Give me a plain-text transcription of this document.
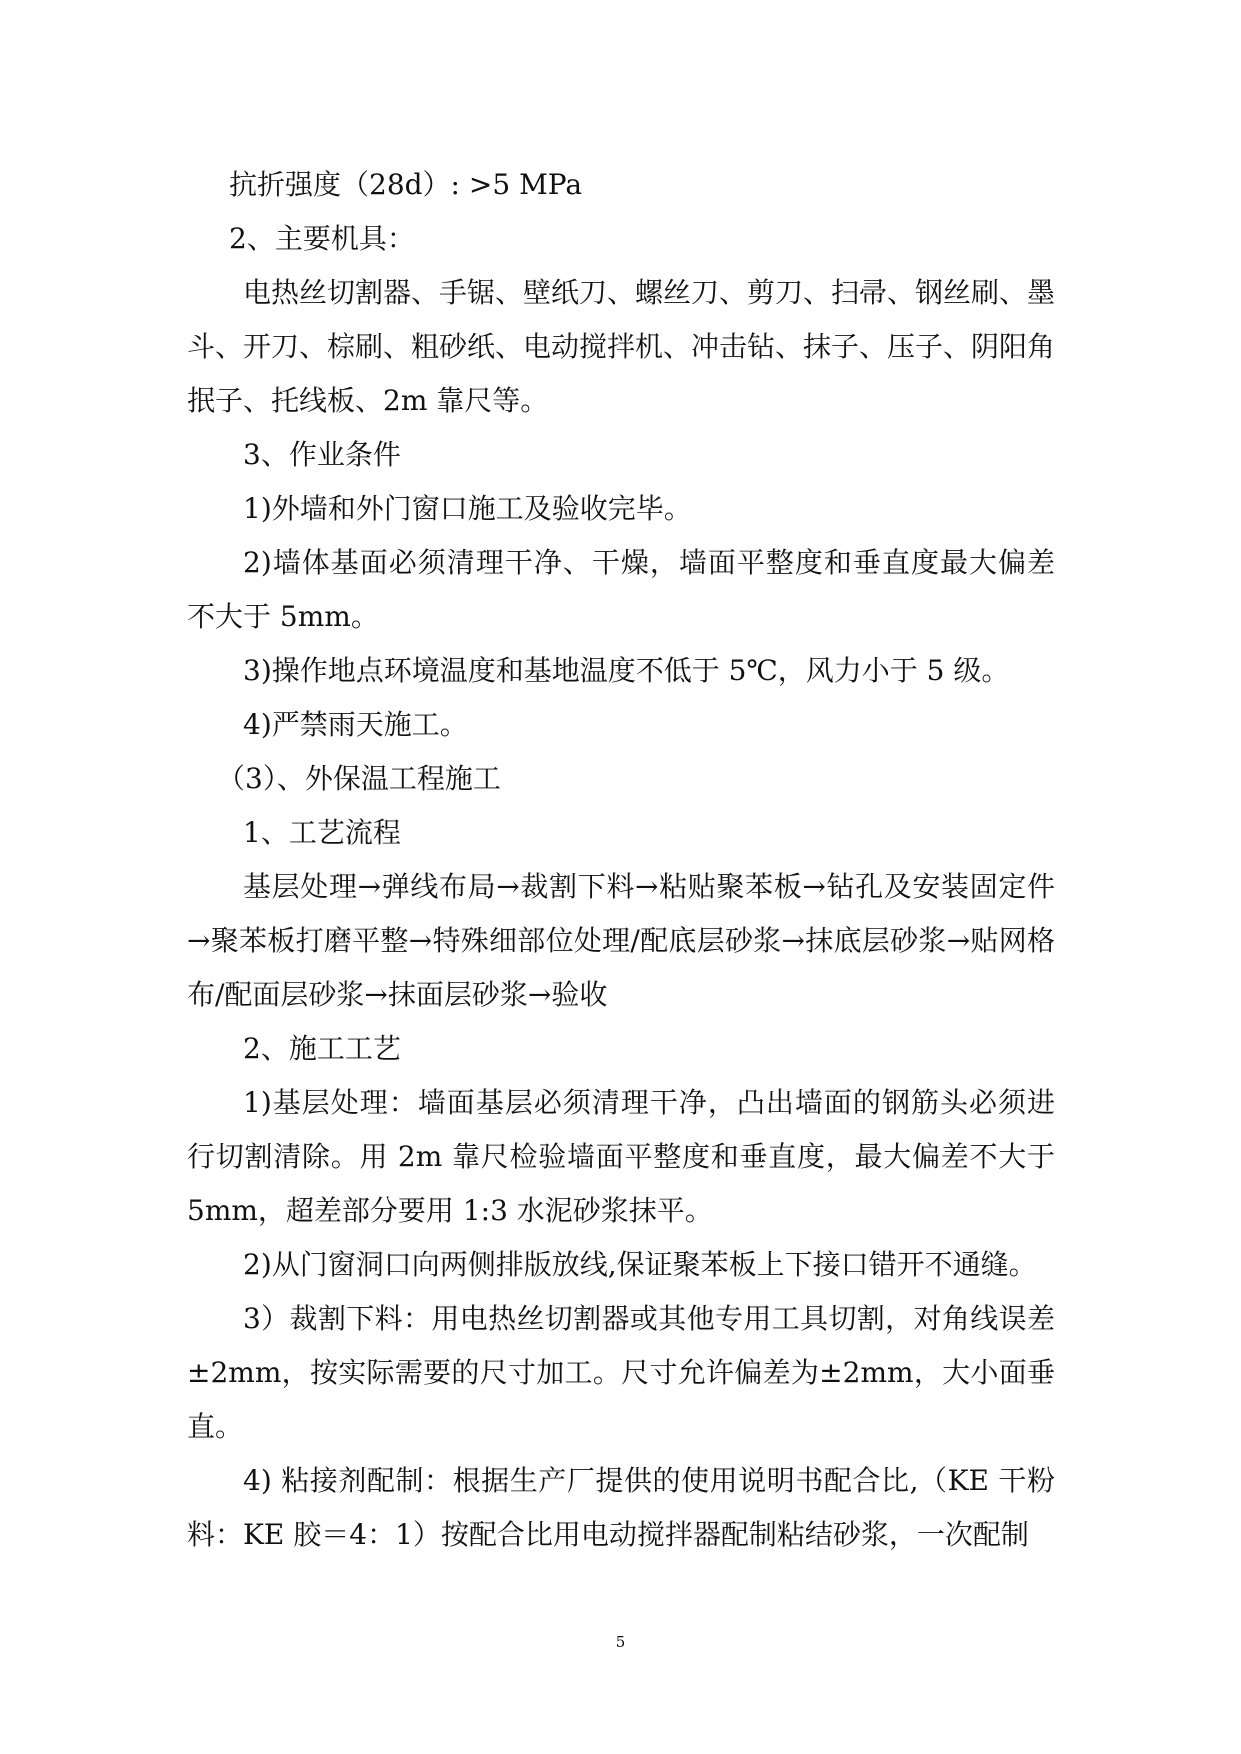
抗折强度（28d）: >5 MPa

2、主要机具：

电热丝切割器、手锯、壁纸刀、螺丝刀、剪刀、扫帚、钢丝刷、墨斗、开刀、棕刷、粗砂纸、电动搅拌机、冲击钻、抹子、压子、阴阳角抿子、托线板、2m 靠尺等。

3、作业条件

1)外墙和外门窗口施工及验收完毕。

2)墙体基面必须清理干净、干燥，墙面平整度和垂直度最大偏差不大于 5mm。

3)操作地点环境温度和基地温度不低于 5℃，风力小于 5 级。

4)严禁雨天施工。

（3）、外保温工程施工

1、工艺流程

基层处理→弹线布局→裁割下料→粘贴聚苯板→钻孔及安装固定件→聚苯板打磨平整→特殊细部位处理/配底层砂浆→抹底层砂浆→贴网格布/配面层砂浆→抹面层砂浆→验收

2、施工工艺

1)基层处理：墙面基层必须清理干净，凸出墙面的钢筋头必须进行切割清除。用 2m 靠尺检验墙面平整度和垂直度，最大偏差不大于 5mm，超差部分要用 1:3 水泥砂浆抹平。

2)从门窗洞口向两侧排版放线,保证聚苯板上下接口错开不通缝。

3）裁割下料：用电热丝切割器或其他专用工具切割，对角线误差±2mm，按实际需要的尺寸加工。尺寸允许偏差为±2mm，大小面垂直。

4) 粘接剂配制：根据生产厂提供的使用说明书配合比,（KE 干粉料：KE 胶＝4：1）按配合比用电动搅拌器配制粘结砂浆，一次配制

5
